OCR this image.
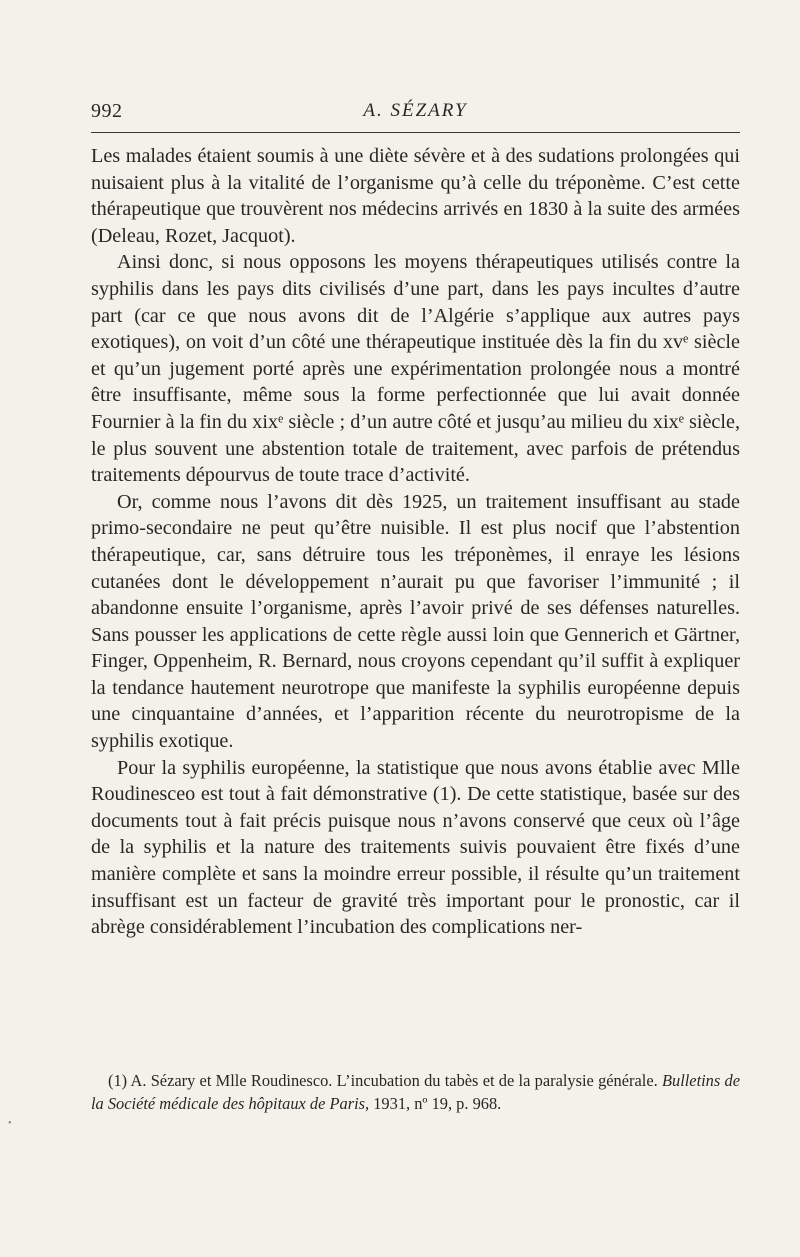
992	A. SÉZARY

Les malades étaient soumis à une diète sévère et à des sudations prolongées qui nuisaient plus à la vitalité de l’organisme qu’à celle du tréponème. C’est cette thérapeutique que trouvèrent nos médecins arrivés en 1830 à la suite des armées (Deleau, Rozet, Jacquot).

Ainsi donc, si nous opposons les moyens thérapeutiques utilisés contre la syphilis dans les pays dits civilisés d’une part, dans les pays incultes d’autre part (car ce que nous avons dit de l’Algérie s’applique aux autres pays exotiques), on voit d’un côté une thérapeutique instituée dès la fin du xvᵉ siècle et qu’un jugement porté après une expérimentation prolongée nous a montré être insuffisante, même sous la forme perfectionnée que lui avait donnée Fournier à la fin du xixᵉ siècle ; d’un autre côté et jusqu’au milieu du xixᵉ siècle, le plus souvent une abstention totale de traitement, avec parfois de prétendus traitements dépourvus de toute trace d’activité.

Or, comme nous l’avons dit dès 1925, un traitement insuffisant au stade primo-secondaire ne peut qu’être nuisible. Il est plus nocif que l’abstention thérapeutique, car, sans détruire tous les tréponèmes, il enraye les lésions cutanées dont le développement n’aurait pu que favoriser l’immunité ; il abandonne ensuite l’organisme, après l’avoir privé de ses défenses naturelles. Sans pousser les applications de cette règle aussi loin que Gennerich et Gärtner, Finger, Oppenheim, R. Bernard, nous croyons cependant qu’il suffit à expliquer la tendance hautement neurotrope que manifeste la syphilis européenne depuis une cinquantaine d’années, et l’apparition récente du neurotropisme de la syphilis exotique.

Pour la syphilis européenne, la statistique que nous avons établie avec Mlle Roudinesceo est tout à fait démonstrative (1). De cette statistique, basée sur des documents tout à fait précis puisque nous n’avons conservé que ceux où l’âge de la syphilis et la nature des traitements suivis pouvaient être fixés d’une manière complète et sans la moindre erreur possible, il résulte qu’un traitement insuffisant est un facteur de gravité très important pour le pronostic, car il abrège considérablement l’incubation des complications ner-

(1) A. Sézary et Mlle Roudinesco. L’incubation du tabès et de la paralysie générale. Bulletins de la Société médicale des hôpitaux de Paris, 1931, nº 19, p. 968.

•
